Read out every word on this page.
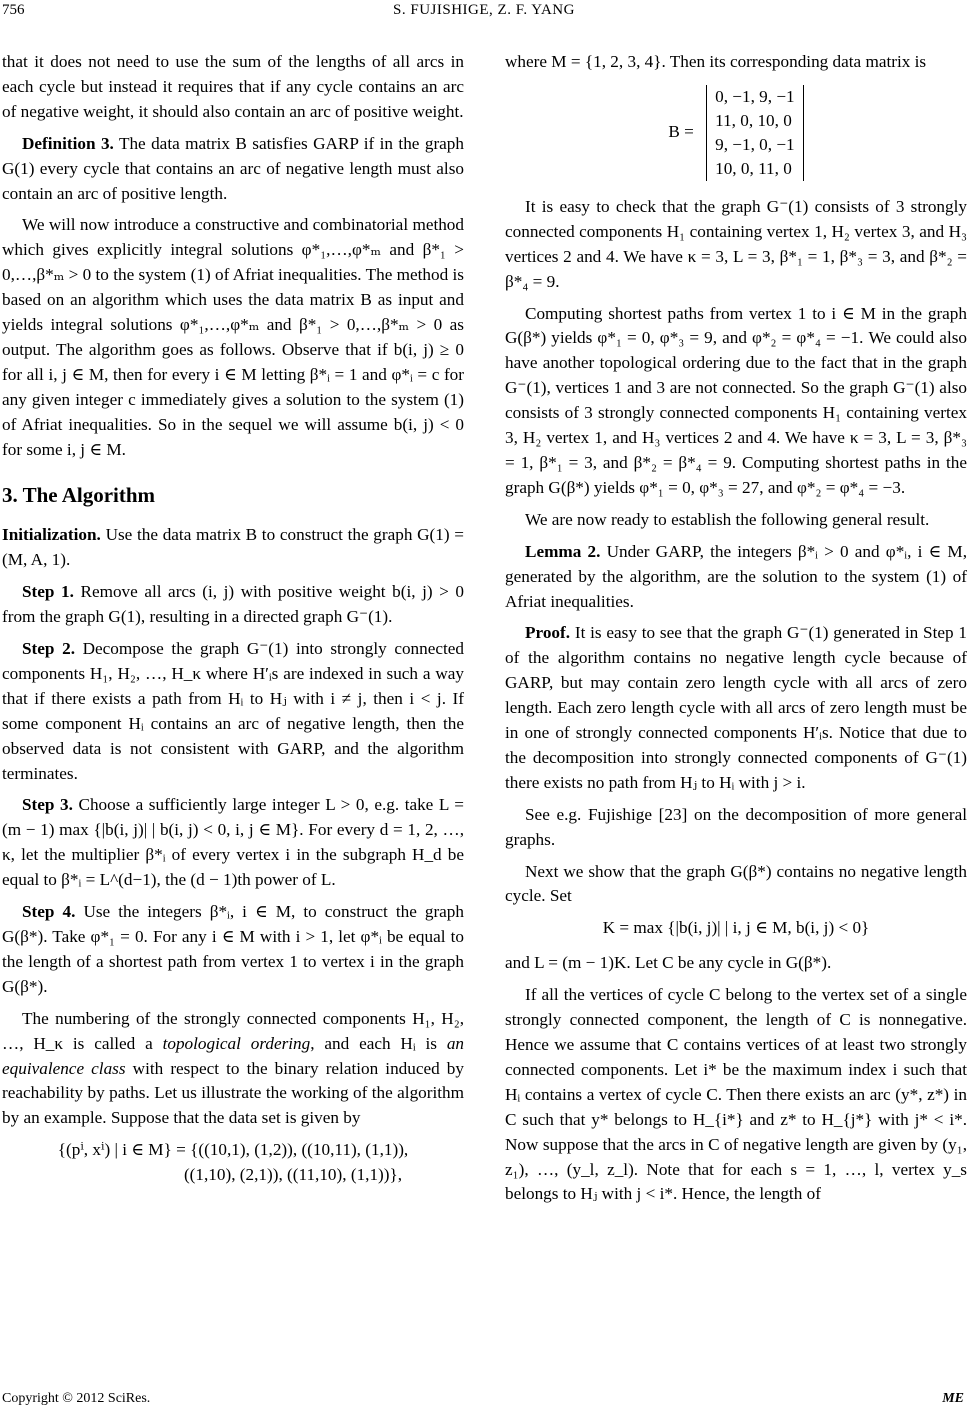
756	S. FUJISHIGE, Z. F. YANG

that it does not need to use the sum of the lengths of all arcs in each cycle but instead it requires that if any cycle contains an arc of negative weight, it should also contain an arc of positive weight.

Definition 3. The data matrix B satisfies GARP if in the graph G(1) every cycle that contains an arc of negative length must also contain an arc of positive length.

We will now introduce a constructive and combinatorial method which gives explicitly integral solutions φ*₁,…,φ*ₘ and β*₁ > 0,…,β*ₘ > 0 to the system (1) of Afriat inequalities. The method is based on an algorithm which uses the data matrix B as input and yields integral solutions φ*₁,…,φ*ₘ and β*₁ > 0,…,β*ₘ > 0 as output. The algorithm goes as follows. Observe that if b(i, j) ≥ 0 for all i, j ∈ M, then for every i ∈ M letting β*ᵢ = 1 and φ*ᵢ = c for any given integer c immediately gives a solution to the system (1) of Afriat inequalities. So in the sequel we will assume b(i, j) < 0 for some i, j ∈ M.

3. The Algorithm

Initialization. Use the data matrix B to construct the graph G(1) = (M, A, 1).

Step 1. Remove all arcs (i, j) with positive weight b(i, j) > 0 from the graph G(1), resulting in a directed graph G⁻(1).

Step 2. Decompose the graph G⁻(1) into strongly connected components H₁, H₂, …, H_κ where H′ᵢs are indexed in such a way that if there exists a path from Hᵢ to Hⱼ with i ≠ j, then i < j. If some component Hᵢ contains an arc of negative length, then the observed data is not consistent with GARP, and the algorithm terminates.

Step 3. Choose a sufficiently large integer L > 0, e.g. take L = (m − 1) max {|b(i, j)| | b(i, j) < 0, i, j ∈ M}. For every d = 1, 2, …, κ, let the multiplier β*ᵢ of every vertex i in the subgraph H_d be equal to β*ᵢ = L^(d−1), the (d − 1)th power of L.

Step 4. Use the integers β*ᵢ, i ∈ M, to construct the graph G(β*). Take φ*₁ = 0. For any i ∈ M with i > 1, let φ*ᵢ be equal to the length of a shortest path from vertex 1 to vertex i in the graph G(β*).

The numbering of the strongly connected components H₁, H₂, …, H_κ is called a topological ordering, and each Hᵢ is an equivalence class with respect to the binary relation induced by reachability by paths. Let us illustrate the working of the algorithm by an example. Suppose that the data set is given by

{(pⁱ, xⁱ) | i ∈ M} = {((10,1), (1,2)), ((10,11), (1,1)),
((1,10), (2,1)), ((11,10), (1,1))},

where M = {1, 2, 3, 4}. Then its corresponding data matrix is

B =
0, −1, 9, −1
11, 0, 10, 0
9, −1, 0, −1
10, 0, 11, 0

It is easy to check that the graph G⁻(1) consists of 3 strongly connected components H₁ containing vertex 1, H₂ vertex 3, and H₃ vertices 2 and 4. We have κ = 3, L = 3, β*₁ = 1, β*₃ = 3, and β*₂ = β*₄ = 9.

Computing shortest paths from vertex 1 to i ∈ M in the graph G(β*) yields φ*₁ = 0, φ*₃ = 9, and φ*₂ = φ*₄ = −1. We could also have another topological ordering due to the fact that in the graph G⁻(1), vertices 1 and 3 are not connected. So the graph G⁻(1) also consists of 3 strongly connected components H₁ containing vertex 3, H₂ vertex 1, and H₃ vertices 2 and 4. We have κ = 3, L = 3, β*₃ = 1, β*₁ = 3, and β*₂ = β*₄ = 9. Computing shortest paths in the graph G(β*) yields φ*₁ = 0, φ*₃ = 27, and φ*₂ = φ*₄ = −3.

We are now ready to establish the following general result.

Lemma 2. Under GARP, the integers β*ᵢ > 0 and φ*ᵢ, i ∈ M, generated by the algorithm, are the solution to the system (1) of Afriat inequalities.

Proof. It is easy to see that the graph G⁻(1) generated in Step 1 of the algorithm contains no negative length cycle because of GARP, but may contain zero length cycle with all arcs of zero length. Each zero length cycle with all arcs of zero length must be in one of strongly connected components H′ᵢs. Notice that due to the decomposition into strongly connected components of G⁻(1) there exists no path from Hⱼ to Hᵢ with j > i.

See e.g. Fujishige [23] on the decomposition of more general graphs.

Next we show that the graph G(β*) contains no negative length cycle. Set

K = max {|b(i, j)| | i, j ∈ M, b(i, j) < 0}

and L = (m − 1)K. Let C be any cycle in G(β*).

If all the vertices of cycle C belong to the vertex set of a single strongly connected component, the length of C is nonnegative. Hence we assume that C contains vertices of at least two strongly connected components. Let i* be the maximum index i such that Hᵢ contains a vertex of cycle C. Then there exists an arc (y*, z*) in C such that y* belongs to H_{i*} and z* to H_{j*} with j* < i*. Now suppose that the arcs in C of negative length are given by (y₁, z₁), …, (y_l, z_l). Note that for each s = 1, …, l, vertex y_s belongs to Hⱼ with j < i*. Hence, the length of

Copyright © 2012 SciRes.	ME
